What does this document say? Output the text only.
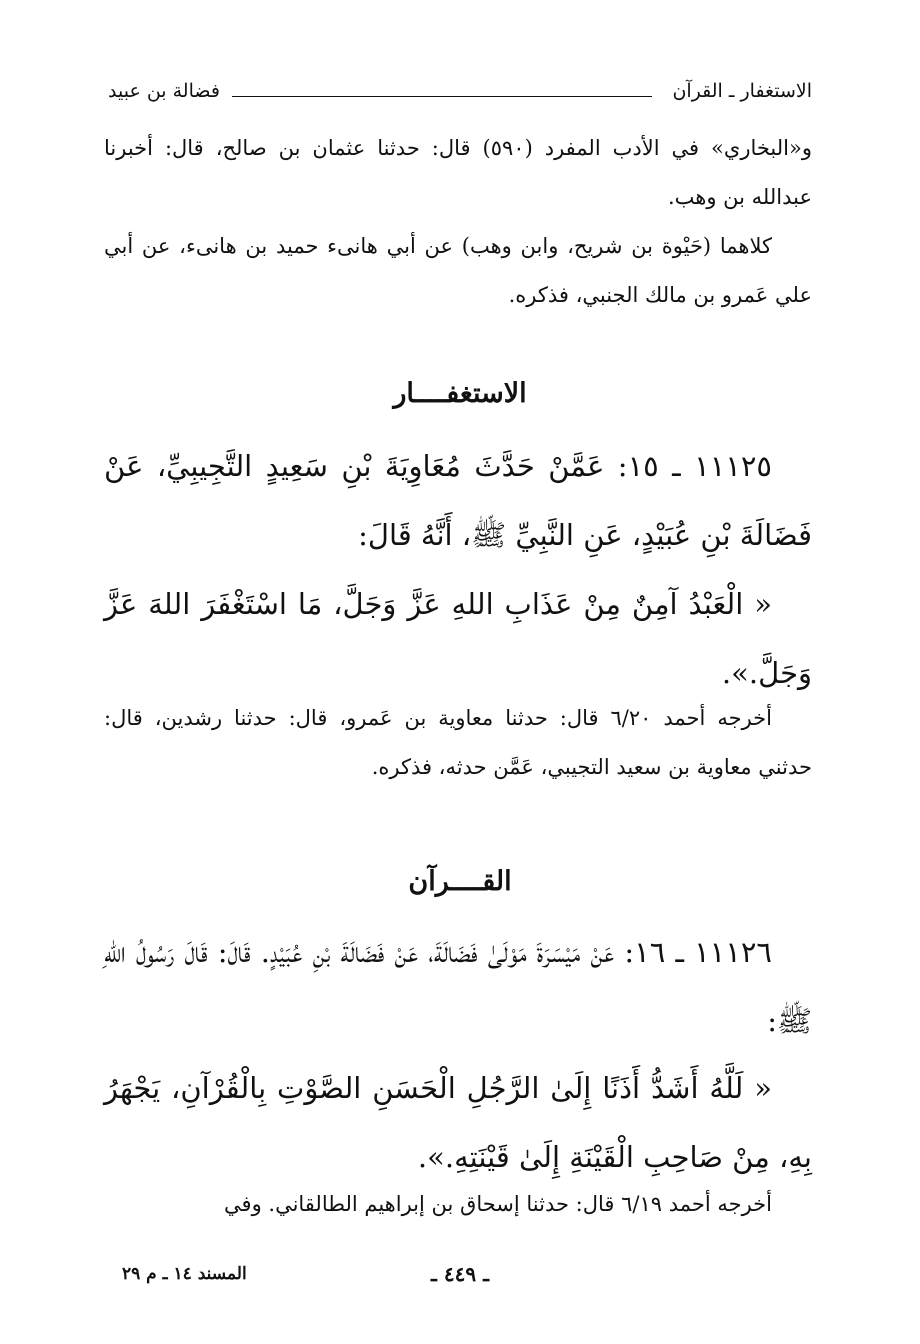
الاستغفار ـ القرآن
فضالة بن عبيد
و«البخاري» في الأدب المفرد (٥٩٠) قال: حدثنا عثمان بن صالح، قال: أخبرنا عبدالله بن وهب.
كلاهما (حَيْوة بن شريح، وابن وهب) عن أبي هانىء حميد بن هانىء، عن أبي علي عَمرو بن مالك الجنبي، فذكره.
الاستغفــــار
١١١٢٥ ـ ١٥: عَمَّنْ حَدَّثَ مُعَاوِيَةَ بْنِ سَعِيدٍ التَّجِيبِيِّ، عَنْ فَضَالَةَ بْنِ عُبَيْدٍ، عَنِ النَّبِيِّ ﷺ، أَنَّهُ قَالَ:
« الْعَبْدُ آمِنٌ مِنْ عَذَابِ اللهِ عَزَّ وَجَلَّ، مَا اسْتَغْفَرَ اللهَ عَزَّ وَجَلَّ.».
أخرجه أحمد ٦/٢٠ قال: حدثنا معاوية بن عَمرو، قال: حدثنا رشدين، قال: حدثني معاوية بن سعيد التجيبي، عَمَّن حدثه، فذكره.
القــــرآن
١١١٢٦ ـ ١٦: عَنْ مَيْسَرَةَ مَوْلَىٰ فَضَالَةَ، عَنْ فَضَالَةَ بْنِ عُبَيْدٍ. قَالَ: قَالَ رَسُولُ اللهِ ﷺ:
« لَلَّهُ أَشَدُّ أَذَنًا إِلَىٰ الرَّجُلِ الْحَسَنِ الصَّوْتِ بِالْقُرْآنِ، يَجْهَرُ بِهِ، مِنْ صَاحِبِ الْقَيْنَةِ إِلَىٰ قَيْنَتِهِ.».
أخرجه أحمد ٦/١٩ قال: حدثنا إسحاق بن إبراهيم الطالقاني. وفي
ـ ٤٤٩ ـ
المسند ١٤ ـ م ٢٩
